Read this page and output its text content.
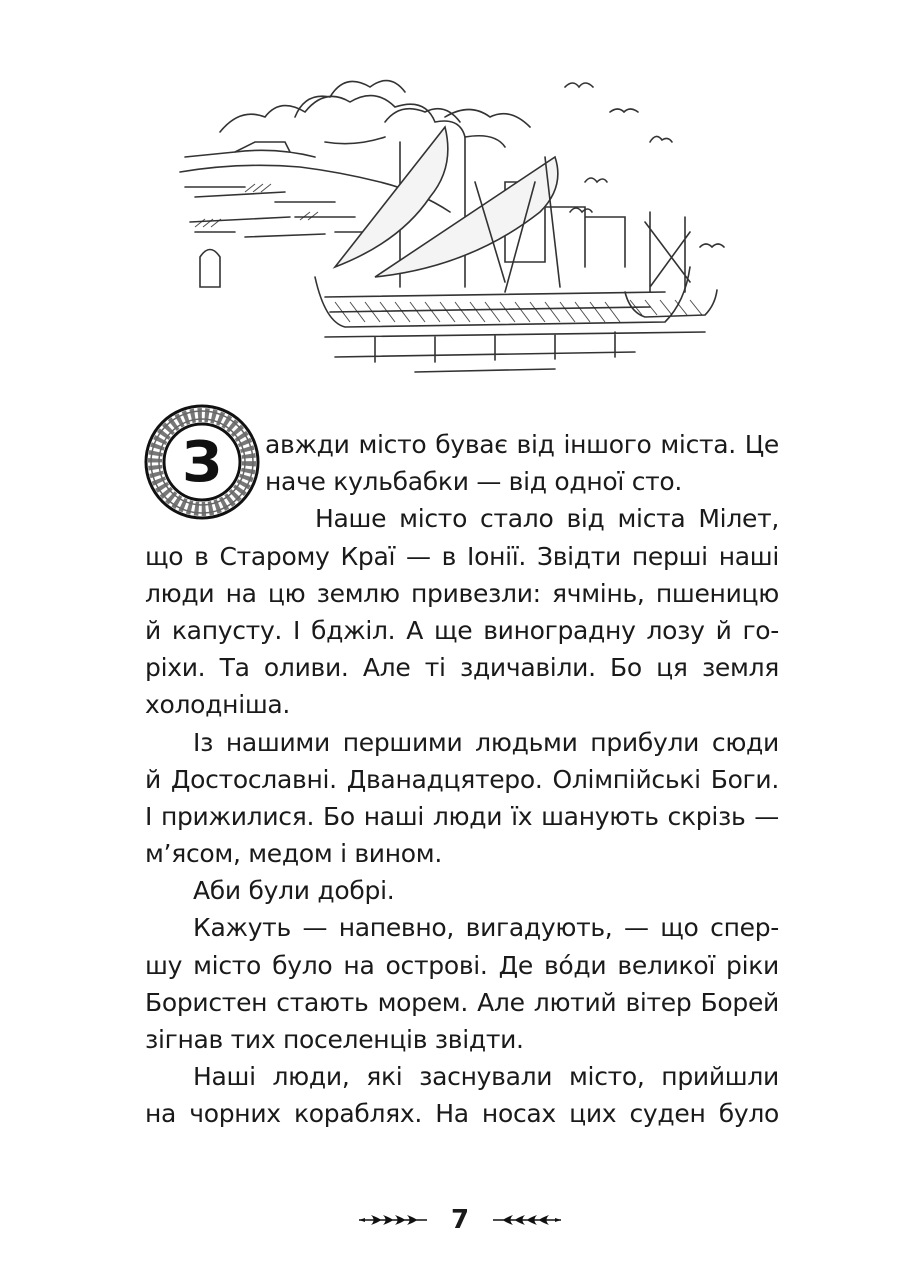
З	авжди місто буває від іншого міста. Це
наче кульбабки — від одної сто.
Наше місто стало від міста Мілет,
що в Старому Краї — в Іонії. Звідти перші наші
люди на цю землю привезли: ячмінь, пшеницю
й капусту. І бджіл. А ще виноградну лозу й го-
ріхи. Та оливи. Але ті здичавіли. Бо ця земля
холодніша.
Із нашими першими людьми прибули сюди
й Достославні. Дванадцятеро. Олімпійські Боги.
І прижилися. Бо наші люди їх шанують скрізь —
м’ясом, медом і вином.
Аби були добрі.
Кажуть — напевно, вигадують, — що спер-
шу місто було на острові. Де во́ди великої ріки
Бористен стають морем. Але лютий вітер Борей
зігнав тих поселенців звідти.
Наші люди, які заснували місто, прийшли
на чорних кораблях. На носах цих суден було
7
